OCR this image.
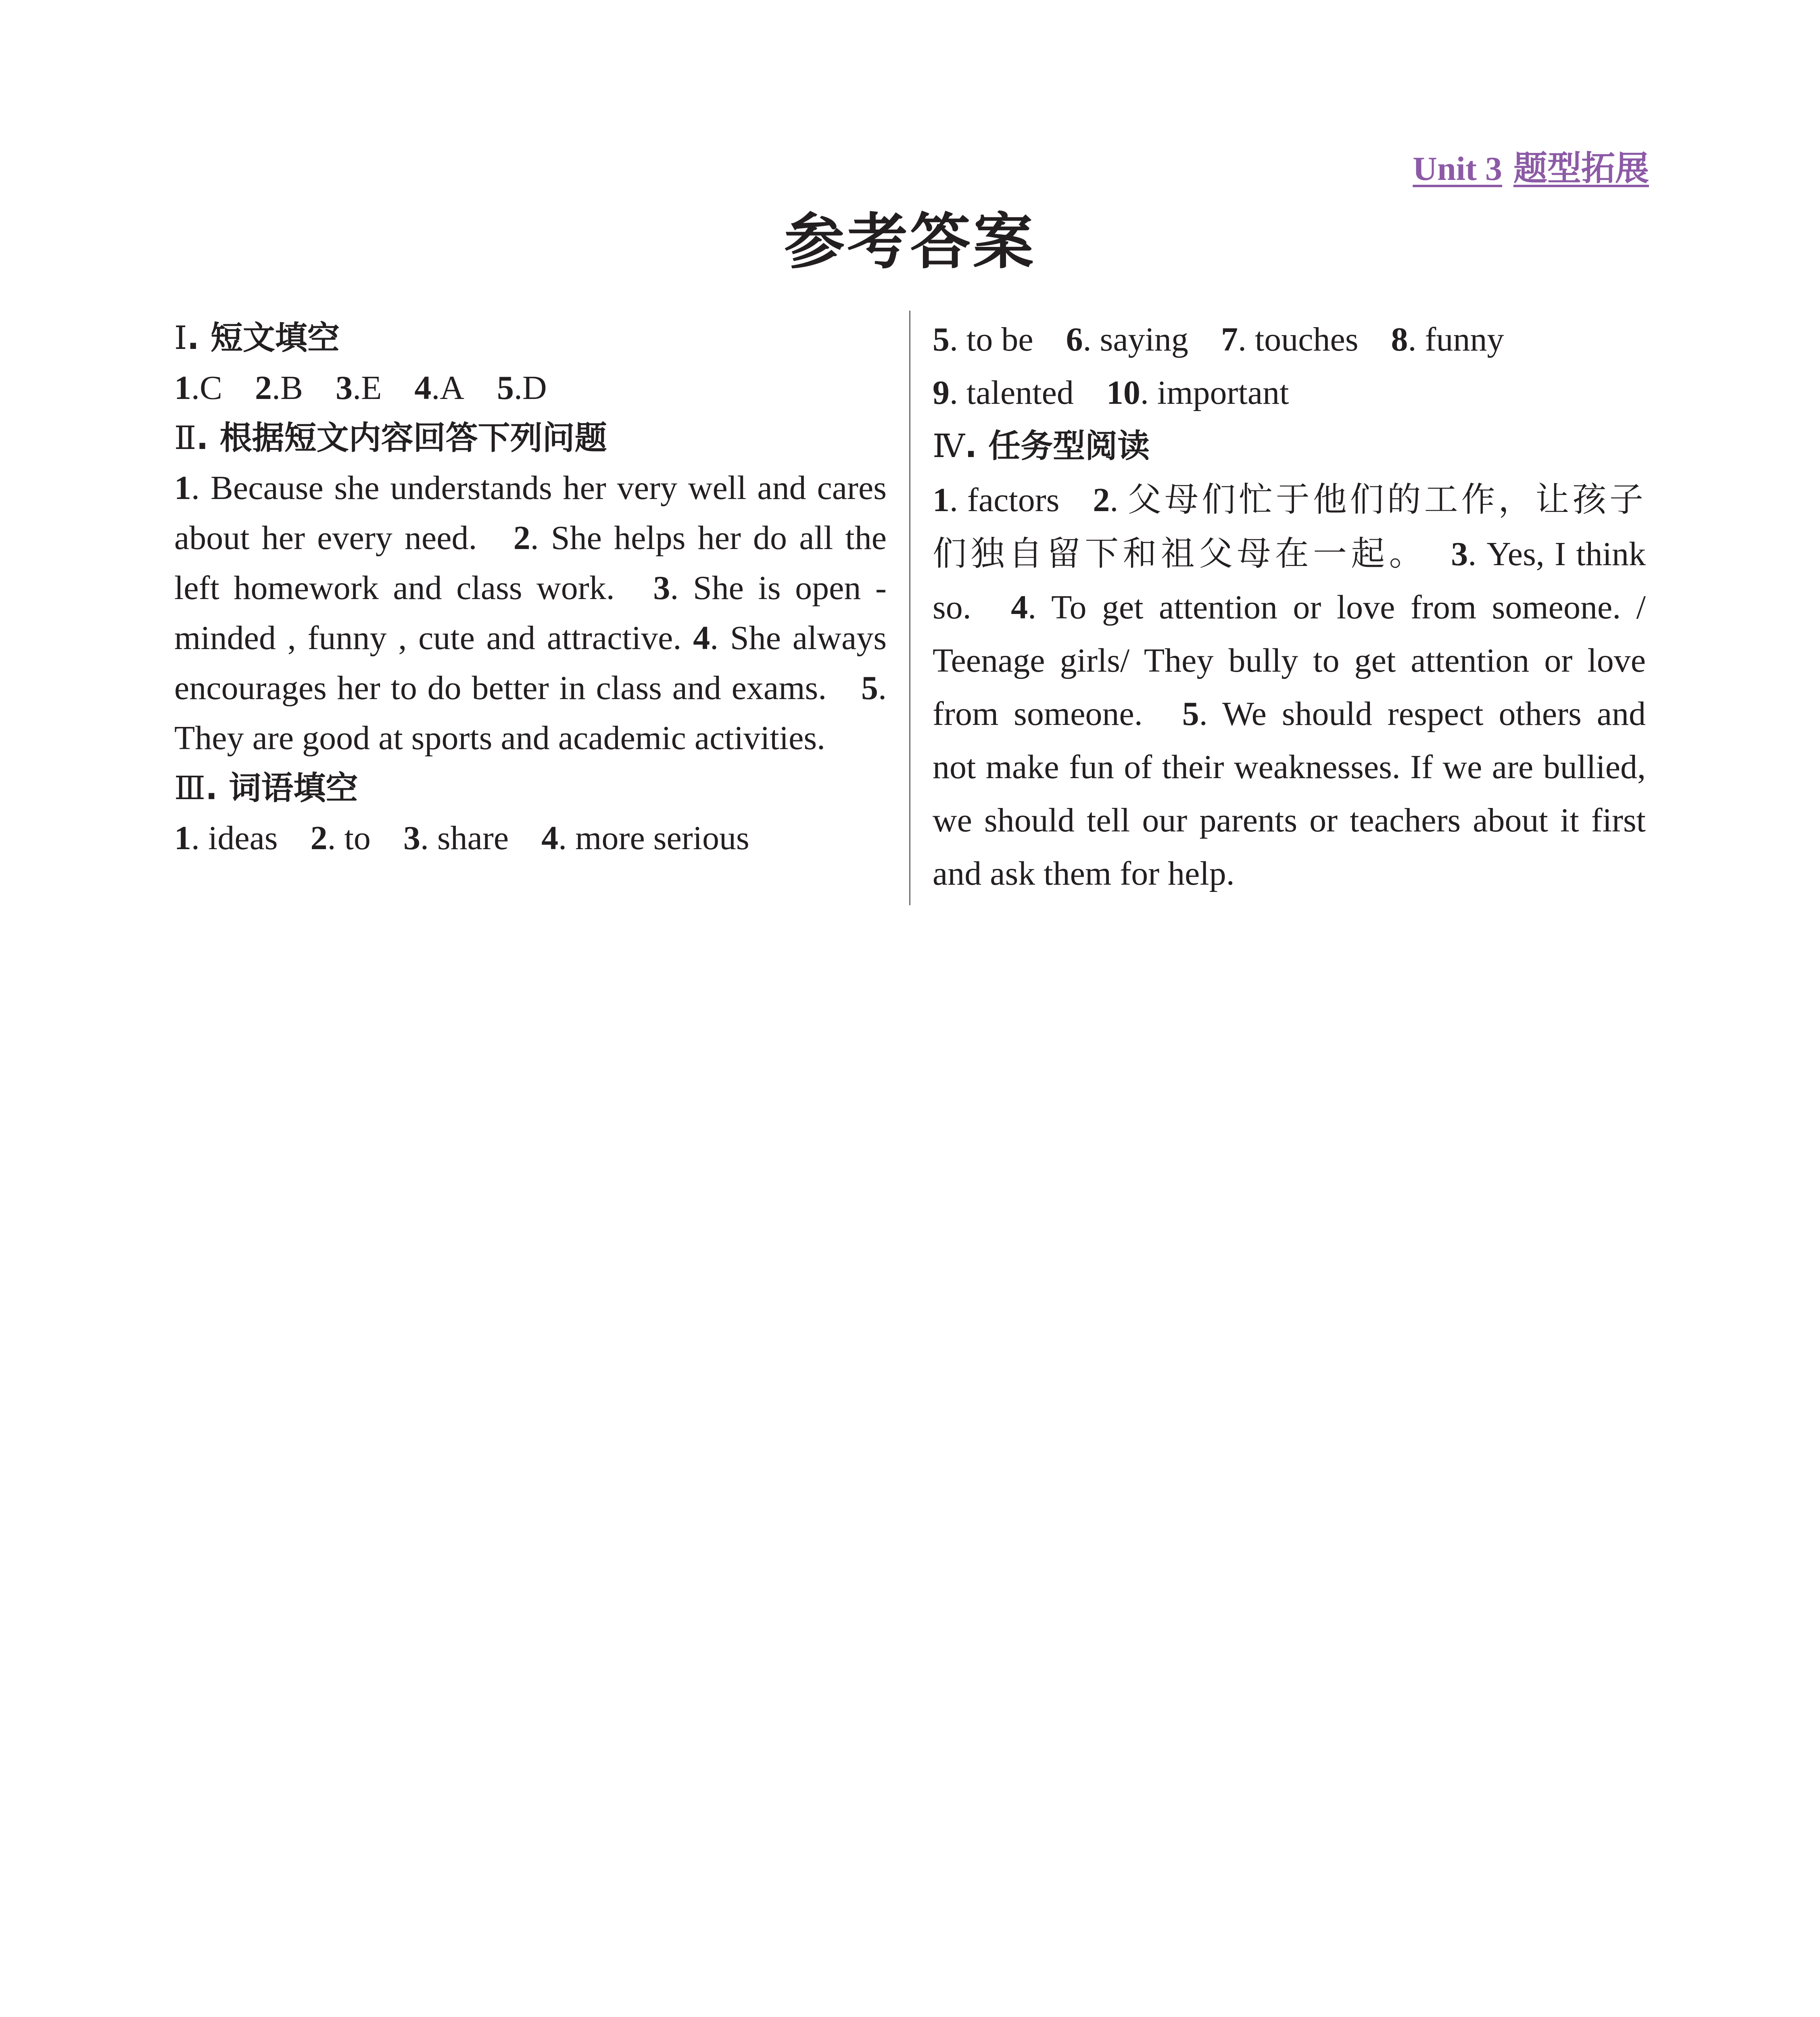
Unit 3 题型拓展
参考答案
Ⅰ. 短文填空
1.C 2.B 3.E 4.A 5.D
Ⅱ. 根据短文内容回答下列问题

1. Because she understands her very well and cares about her every need. 2. She helps her do all the left homework and class work. 3. She is open - minded , funny , cute and attractive. 4. She always encourages her to do better in class and exams. 5. They are good at sports and academic activities.

Ⅲ. 词语填空
1. ideas 2. to 3. share 4. more serious
5. to be 6. saying 7. touches 8. funny
9. talented 10. important
Ⅳ. 任务型阅读

1. factors 2. 父母们忙于他们的工作，让孩子们独自留下和祖父母在一起。 3. Yes, I think so. 4. To get attention or love from someone. / Teenage girls/ They bully to get attention or love from someone. 5. We should respect others and not make fun of their weaknesses. If we are bullied, we should tell our parents or teachers about it first and ask them for help.
